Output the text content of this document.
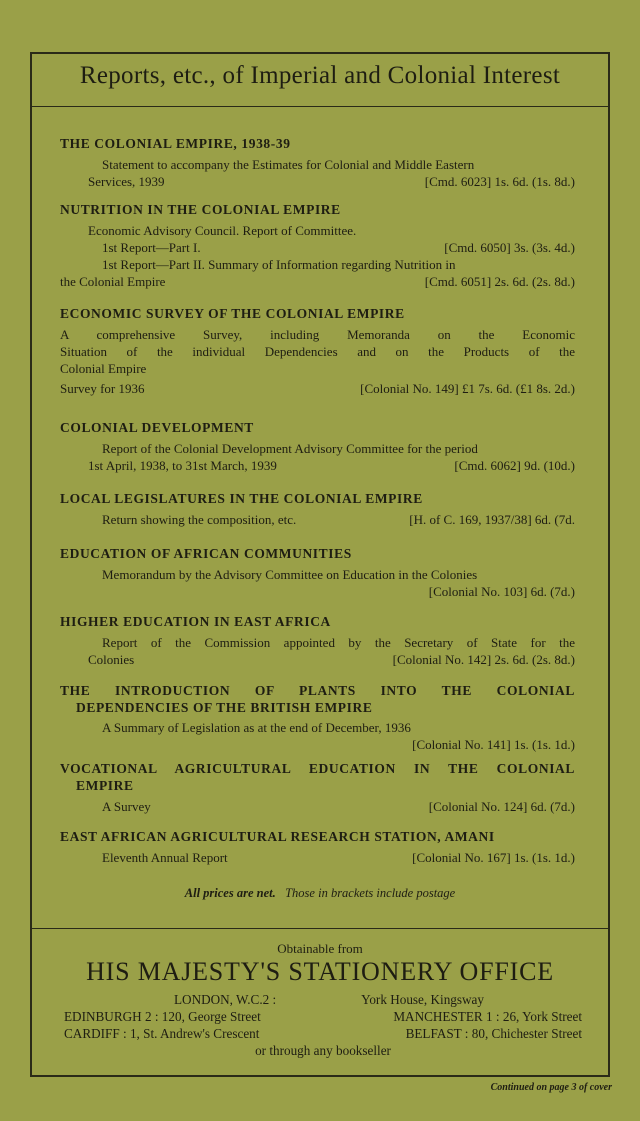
Reports, etc., of Imperial and Colonial Interest
THE COLONIAL EMPIRE, 1938-39
Statement to accompany the Estimates for Colonial and Middle Eastern
Services, 1939	[Cmd. 6023] 1s. 6d. (1s. 8d.)
NUTRITION IN THE COLONIAL EMPIRE
Economic Advisory Council. Report of Committee.
1st Report—Part I.	[Cmd. 6050] 3s. (3s. 4d.)
1st Report—Part II. Summary of Information regarding Nutrition in
the Colonial Empire	[Cmd. 6051] 2s. 6d. (2s. 8d.)
ECONOMIC SURVEY OF THE COLONIAL EMPIRE
A comprehensive Survey, including Memoranda on the Economic
Situation of the individual Dependencies and on the Products of the
Colonial Empire
Survey for 1936	[Colonial No. 149] £1 7s. 6d. (£1 8s. 2d.)
COLONIAL DEVELOPMENT
Report of the Colonial Development Advisory Committee for the period
1st April, 1938, to 31st March, 1939	[Cmd. 6062] 9d. (10d.)
LOCAL LEGISLATURES IN THE COLONIAL EMPIRE
Return showing the composition, etc.	[H. of C. 169, 1937/38] 6d. (7d.
EDUCATION OF AFRICAN COMMUNITIES
Memorandum by the Advisory Committee on Education in the Colonies
[Colonial No. 103] 6d. (7d.)
HIGHER EDUCATION IN EAST AFRICA
Report of the Commission appointed by the Secretary of State for the
Colonies	[Colonial No. 142] 2s. 6d. (2s. 8d.)
THE INTRODUCTION OF PLANTS INTO THE COLONIAL
DEPENDENCIES OF THE BRITISH EMPIRE
A Summary of Legislation as at the end of December, 1936
[Colonial No. 141] 1s. (1s. 1d.)
VOCATIONAL AGRICULTURAL EDUCATION IN THE COLONIAL
EMPIRE
A Survey	[Colonial No. 124] 6d. (7d.)
EAST AFRICAN AGRICULTURAL RESEARCH STATION, AMANI
Eleventh Annual Report	[Colonial No. 167] 1s. (1s. 1d.)
All prices are net. Those in brackets include postage
Obtainable from
HIS MAJESTY'S STATIONERY OFFICE
LONDON, W.C.2 :	York House, Kingsway
EDINBURGH 2 : 120, George Street	MANCHESTER 1 : 26, York Street
CARDIFF : 1, St. Andrew's Crescent	BELFAST : 80, Chichester Street
or through any bookseller
Continued on page 3 of cover
